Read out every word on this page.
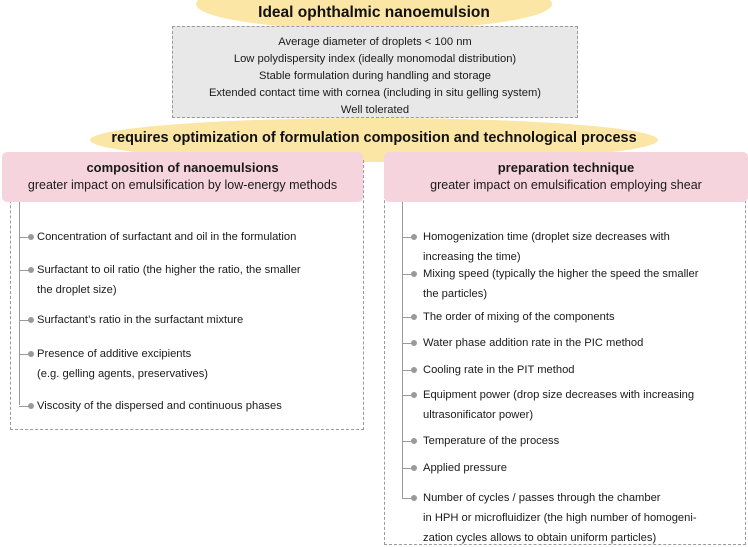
Ideal ophthalmic nanoemulsion
Average diameter of droplets < 100 nm
Low polydispersity index (ideally monomodal distribution)
Stable formulation during handling and storage
Extended contact time with cornea (including in situ gelling system)
Well tolerated
requires optimization of formulation composition and technological process
composition of nanoemulsions
greater impact on emulsification by low-energy methods
Concentration of surfactant and oil in the formulation
Surfactant to oil ratio (the higher the ratio, the smaller
the droplet size)
Surfactant’s ratio in the surfactant mixture
Presence of additive excipients
(e.g. gelling agents, preservatives)
Viscosity of the dispersed and continuous phases
preparation technique
greater impact on emulsification employing shear
Homogenization time (droplet size decreases with
increasing the time)
Mixing speed (typically the higher the speed the smaller
the particles)
The order of mixing of the components
Water phase addition rate in the PIC method
Cooling rate in the PIT method
Equipment power (drop size decreases with increasing
ultrasonificator power)
Temperature of the process
Applied pressure
Number of cycles / passes through the chamber
in HPH or microfluidizer (the high number of homogeni-
zation cycles allows to obtain uniform particles)
